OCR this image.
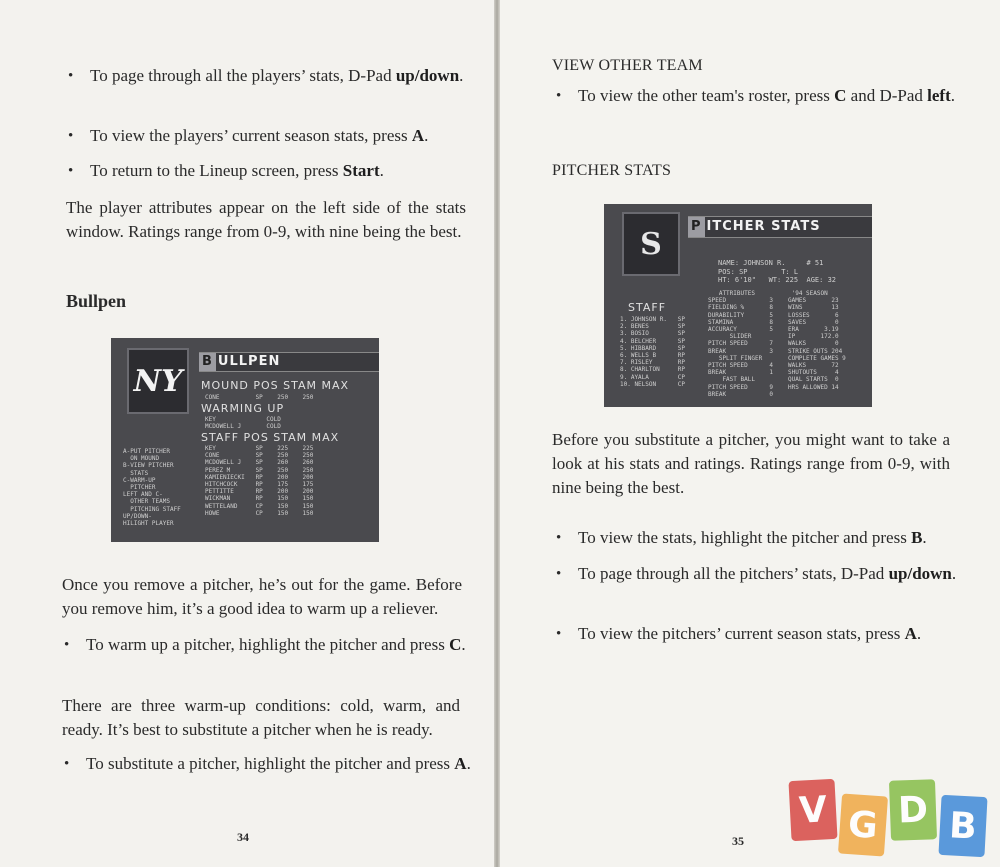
• To page through all the players’ stats, D-Pad up/down.
• To view the players’ current season stats, press A.
• To return to the Lineup screen, press Start.
The player attributes appear on the left side of the stats window. Ratings range from 0-9, with nine being the best.
Bullpen
NY
B ULLPEN
MOUND POS STAM MAX
CONE          SP    250    250
WARMING UP
KEY              COLD
MCDOWELL J       COLD
STAFF POS STAM MAX
KEY           SP    225    225
CONE          SP    250    250
MCDOWELL J    SP    260    260
PEREZ M       SP    250    250
KAMIENIECKI   RP    200    200
HITCHCOCK     RP    175    175
PETTITTE      RP    200    200
WICKMAN       RP    150    150
WETTELAND     CP    150    150
HOWE          CP    150    150
A-PUT PITCHER
ON MOUND
B-VIEW PITCHER
STATS
C-WARM-UP
PITCHER
LEFT AND C-
OTHER TEAMS
PITCHING STAFF
UP/DOWN-
HILIGHT PLAYER
Once you remove a pitcher, he’s out for the game. Before you remove him, it’s a good idea to warm up a reliever.
• To warm up a pitcher, highlight the pitcher and press C.
There are three warm-up conditions: cold, warm, and ready. It’s best to substitute a pitcher when he is ready.
• To substitute a pitcher, highlight the pitcher and press A.
34
VIEW OTHER TEAM
• To view the other team's roster, press C and D-Pad left.
PITCHER STATS
S P ITCHER STATS
NAME: JOHNSON R.     # 51
POS: SP        T: L
HT: 6'10"   WT: 225  AGE: 32
STAFF
1. JOHNSON R.   SP
2. BENES        SP
3. BOSIO        SP
4. BELCHER      SP
5. HIBBARD      SP
6. WELLS B      RP
7. RISLEY       RP
8. CHARLTON     RP
9. AYALA        CP
10. NELSON      CP
ATTRIBUTES
SPEED            3
FIELDING %       8
DURABILITY       5
STAMINA          8
ACCURACY         5
SLIDER
PITCH SPEED      7
BREAK            3
SPLIT FINGER
PITCH SPEED      4
BREAK            1
FAST BALL
PITCH SPEED      9
BREAK            0
'94 SEASON
GAMES       23
WINS        13
LOSSES       6
SAVES        0
ERA       3.19
IP       172.0
WALKS        0
STRIKE OUTS 204
COMPLETE GAMES 9
WALKS       72
SHUTOUTS     4
QUAL STARTS  0
HRS ALLOWED 14
Before you substitute a pitcher, you might want to take a look at his stats and ratings. Ratings range from 0-9, with nine being the best.
• To view the stats, highlight the pitcher and press B.
• To page through all the pitchers’ stats, D-Pad up/down.
• To view the pitchers’ current season stats, press A.
35
V G D B
